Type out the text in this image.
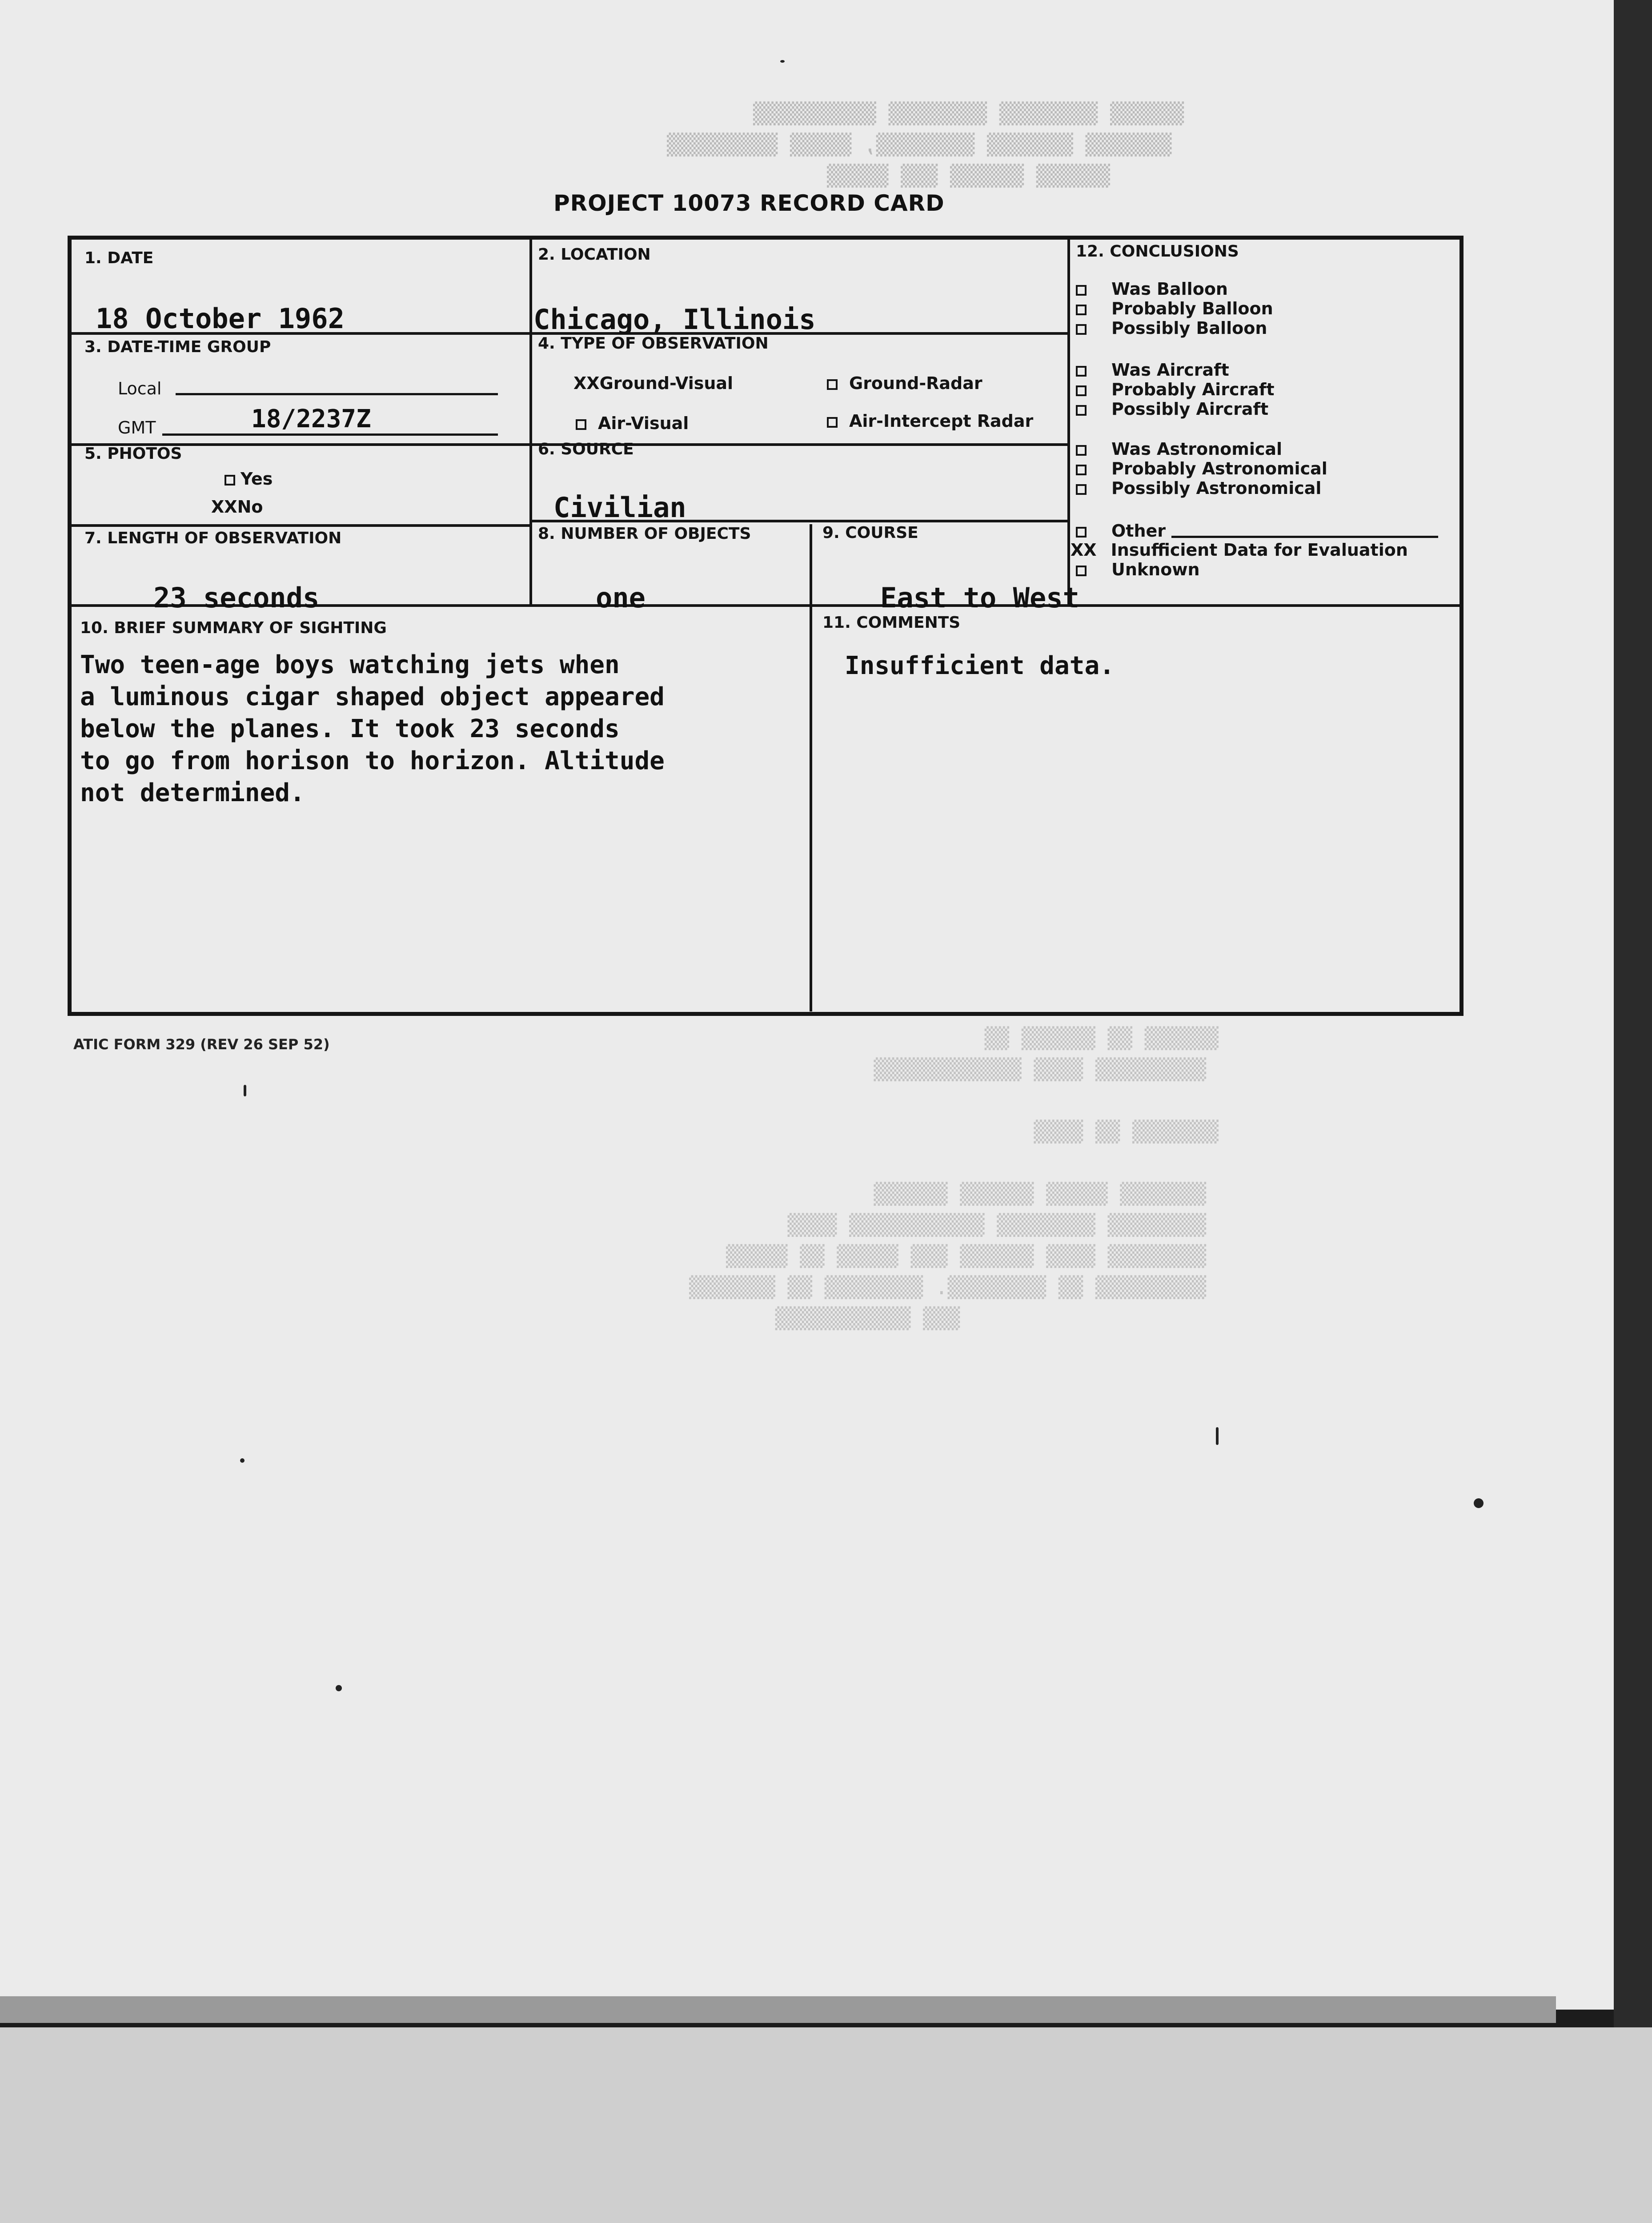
▒▒▒▒▒▒ ▒▒▒▒▒▒▒▒ ▒▒▒▒▒▒▒▒ ▒▒▒▒▒▒▒▒▒▒
▒▒▒▒▒▒▒ ▒▒▒▒▒▒▒ ▒▒▒▒▒▒▒▒, ▒▒▒▒▒ ▒▒▒▒▒▒▒▒▒
▒▒▒▒▒▒ ▒▒▒▒▒▒ ▒▒▒ ▒▒▒▒▒
▒▒▒▒▒▒ ▒▒ ▒▒▒▒▒▒ ▒▒
▒▒▒▒▒▒▒▒▒ ▒▒▒▒ ▒▒▒▒▒▒▒▒▒▒▒▒

▒▒▒▒▒▒▒ ▒▒ ▒▒▒▒

▒▒▒▒▒▒▒ ▒▒▒▒▒ ▒▒▒▒▒▒ ▒▒▒▒▒▒
▒▒▒▒▒▒▒▒ ▒▒▒▒▒▒▒▒ ▒▒▒▒▒▒▒▒▒▒▒ ▒▒▒▒
▒▒▒▒▒▒▒▒ ▒▒▒▒ ▒▒▒▒▒▒ ▒▒▒ ▒▒▒▒▒ ▒▒ ▒▒▒▒▒
▒▒▒▒▒▒▒▒▒ ▒▒ ▒▒▒▒▒▒▒▒. ▒▒▒▒▒▒▒▒ ▒▒ ▒▒▒▒▒▒▒
▒▒▒ ▒▒▒▒▒▒▒▒▒▒▒
PROJECT 10073 RECORD CARD
1. DATE
18 October 1962
2. LOCATION
Chicago, Illinois
3. DATE-TIME GROUP
Local
GMT	18/2237Z
4. TYPE OF OBSERVATION
XXGround-Visual	Ground-Radar
Air-Visual	Air-Intercept Radar
5. PHOTOS
Yes
XXNo
6. SOURCE
Civilian
7. LENGTH OF OBSERVATION
23 seconds
8. NUMBER OF OBJECTS
one
9. COURSE
East to West
10. BRIEF SUMMARY OF SIGHTING
Two teen-age boys watching jets when
a luminous cigar shaped object appeared
below the planes. It took 23 seconds
to go from horison to horizon. Altitude
not determined.
11. COMMENTS
Insufficient data.
12. CONCLUSIONS
Was Balloon
Probably Balloon
Possibly Balloon
Was Aircraft
Probably Aircraft
Possibly Aircraft
Was Astronomical
Probably Astronomical
Possibly Astronomical
Other
XX Insufficient Data for Evaluation
Unknown
ATIC FORM 329 (REV 26 SEP 52)
